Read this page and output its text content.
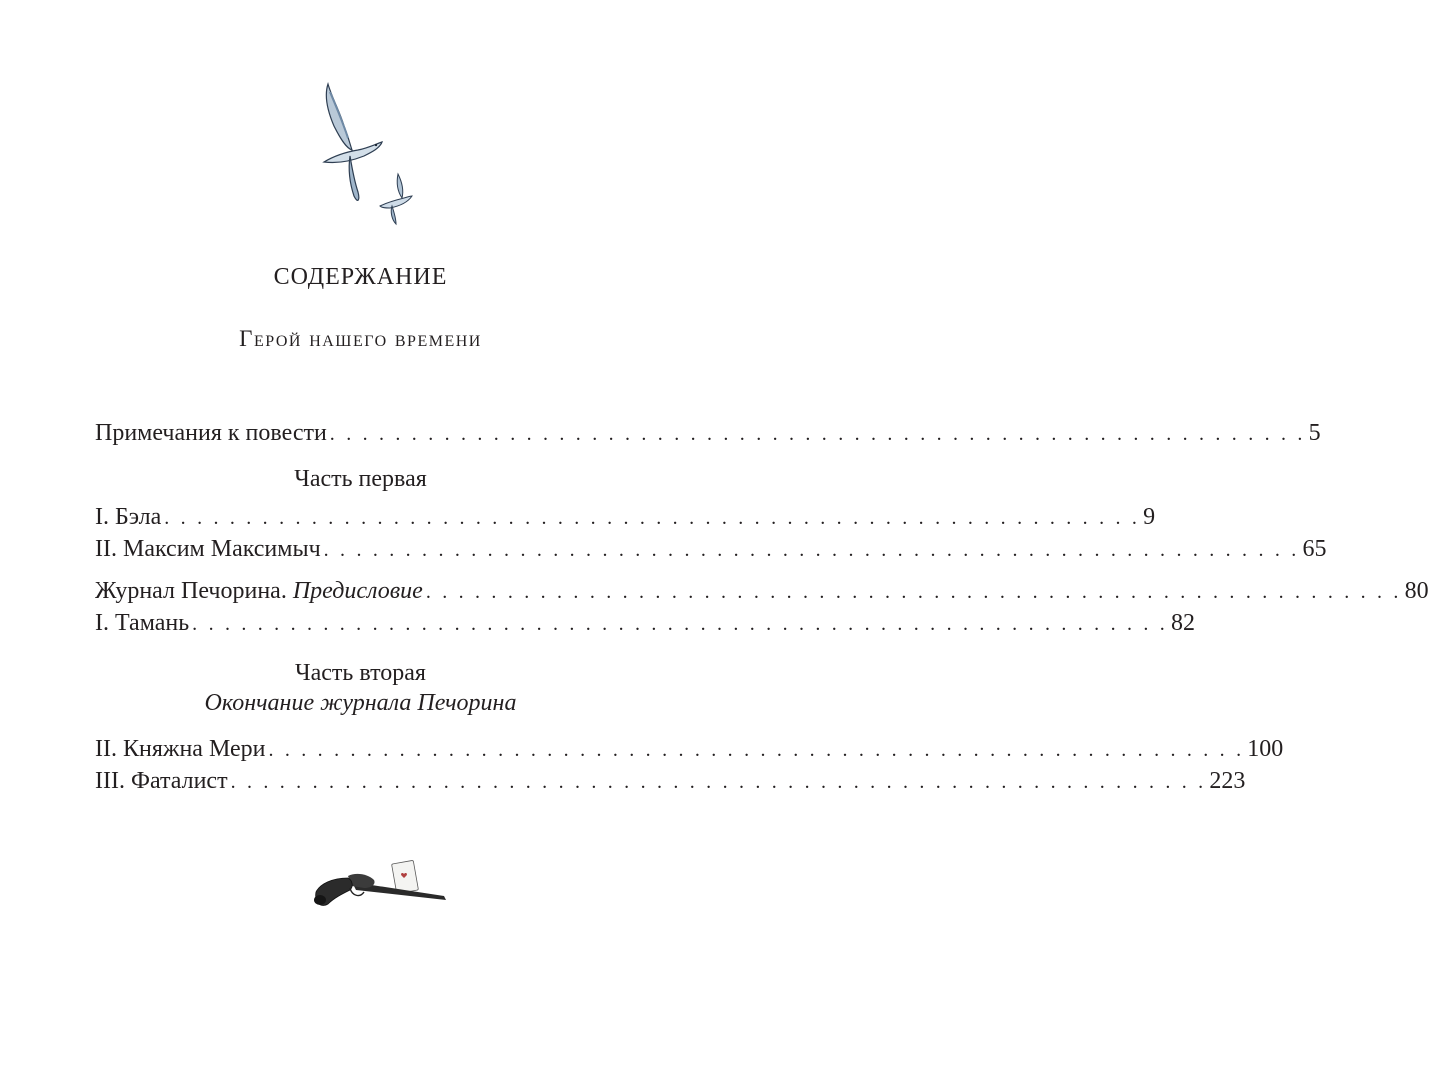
СОДЕРЖАНИЕ
Герой нашего времени
Примечания к повести . . . . . . . . . . . . . . . . . . . . . . . . . . . . . . . . . . . . . . . . . . . . . . . . . . . . . . . . . . . . 5
Часть первая
I. Бэла . . . . . . . . . . . . . . . . . . . . . . . . . . . . . . . . . . . . . . . . . . . . . . . . . . . . . . . . . . . . 9
II. Максим Максимыч . . . . . . . . . . . . . . . . . . . . . . . . . . . . . . . . . . . . . . . . . . . . . . . . . . . . . . . . . . . . 65
Журнал Печорина. Предисловие . . . . . . . . . . . . . . . . . . . . . . . . . . . . . . . . . . . . . . . . . . . . . . . . . . . . . . . . . . . . 80
I. Тамань . . . . . . . . . . . . . . . . . . . . . . . . . . . . . . . . . . . . . . . . . . . . . . . . . . . . . . . . . . . . 82
Часть вторая
Окончание журнала Печорина
II. Княжна Мери . . . . . . . . . . . . . . . . . . . . . . . . . . . . . . . . . . . . . . . . . . . . . . . . . . . . . . . . . . . . 100
III. Фаталист . . . . . . . . . . . . . . . . . . . . . . . . . . . . . . . . . . . . . . . . . . . . . . . . . . . . . . . . . . . . 223
